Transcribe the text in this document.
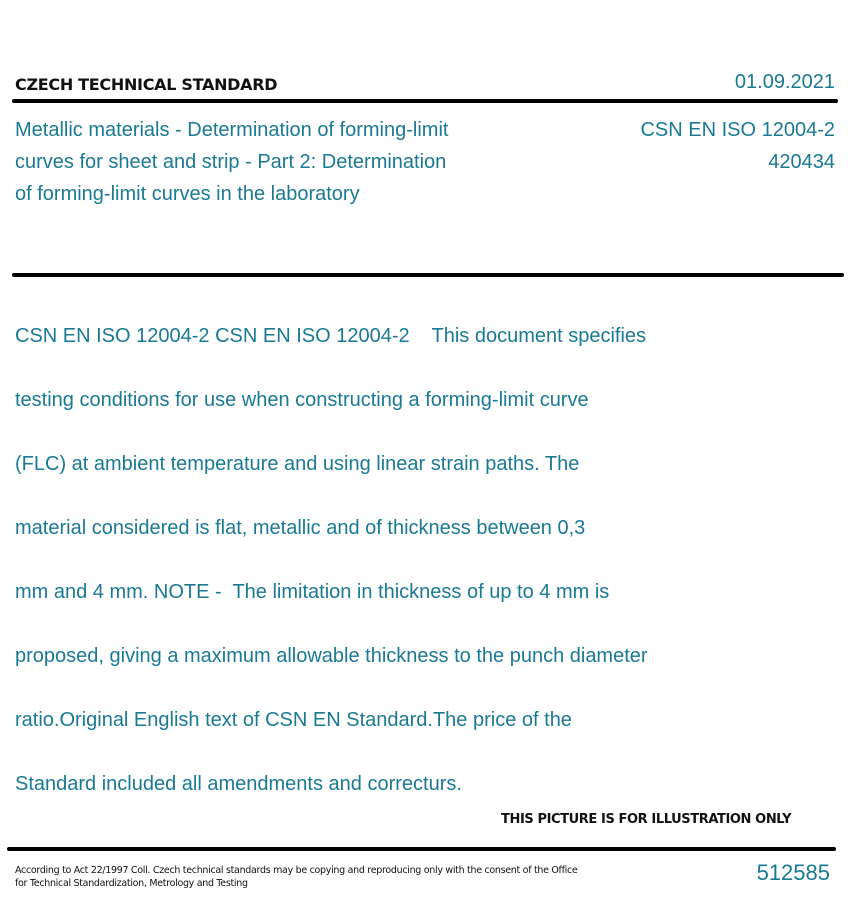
CZECH TECHNICAL STANDARD	01.09.2021
Metallic materials - Determination of forming-limit
curves for sheet and strip - Part 2: Determination
of forming-limit curves in the laboratory
CSN EN ISO 12004-2
420434

CSN EN ISO 12004-2 CSN EN ISO 12004-2    This document specifies

testing conditions for use when constructing a forming-limit curve

(FLC) at ambient temperature and using linear strain paths. The

material considered is flat, metallic and of thickness between 0,3

mm and 4 mm. NOTE -  The limitation in thickness of up to 4 mm is

proposed, giving a maximum allowable thickness to the punch diameter

ratio.Original English text of CSN EN Standard.The price of the

Standard included all amendments and correcturs.

THIS PICTURE IS FOR ILLUSTRATION ONLY
According to Act 22/1997 Coll. Czech technical standards may be copying and reproducing only with the consent of the Office
for Technical Standardization, Metrology and Testing	512585
